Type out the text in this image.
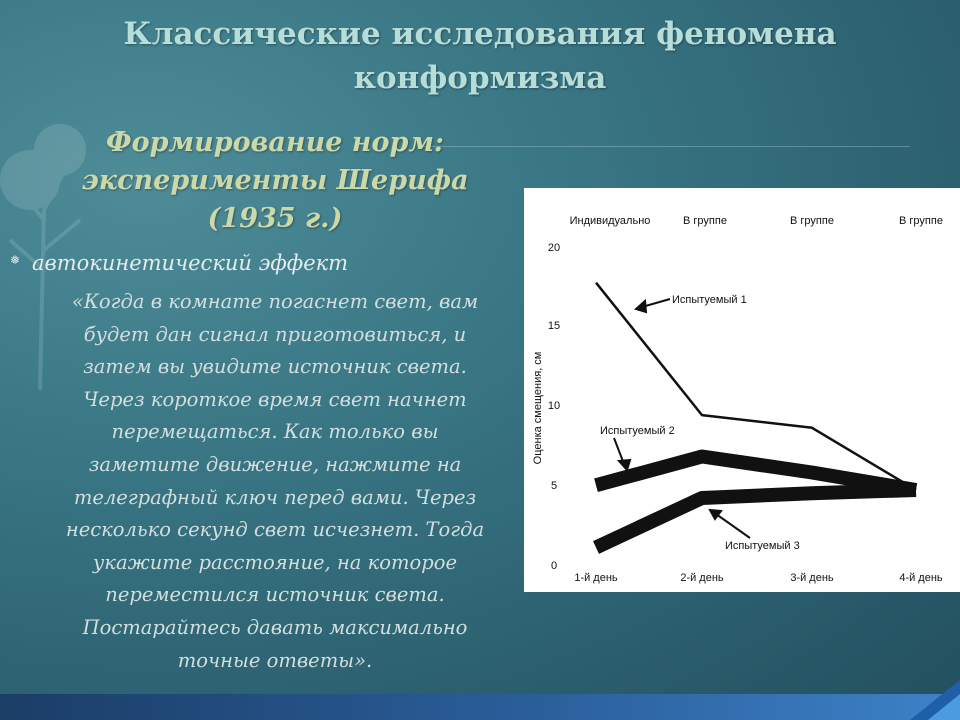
Классические исследования феномена
конформизма
Формирование норм:
эксперименты Шерифа
(1935 г.)
❅ автокинетический эффект
«Когда в комнате погаснет свет, вам
будет дан сигнал приготовиться, и
затем вы увидите источник света.
Через короткое время свет начнет
перемещаться. Как только вы
заметите движение, нажмите на
телеграфный ключ перед вами. Через
несколько секунд свет исчезнет. Тогда
укажите расстояние, на которое
переместился источник света.
Постарайтесь давать максимально
точные ответы».
Индивидуально	В группе	В группе	В группе
20
15
10
5
0
Оценка смещения, см
1-й день	2-й день	3-й день	4-й день
Испытуемый 1
Испытуемый 2
Испытуемый 3
